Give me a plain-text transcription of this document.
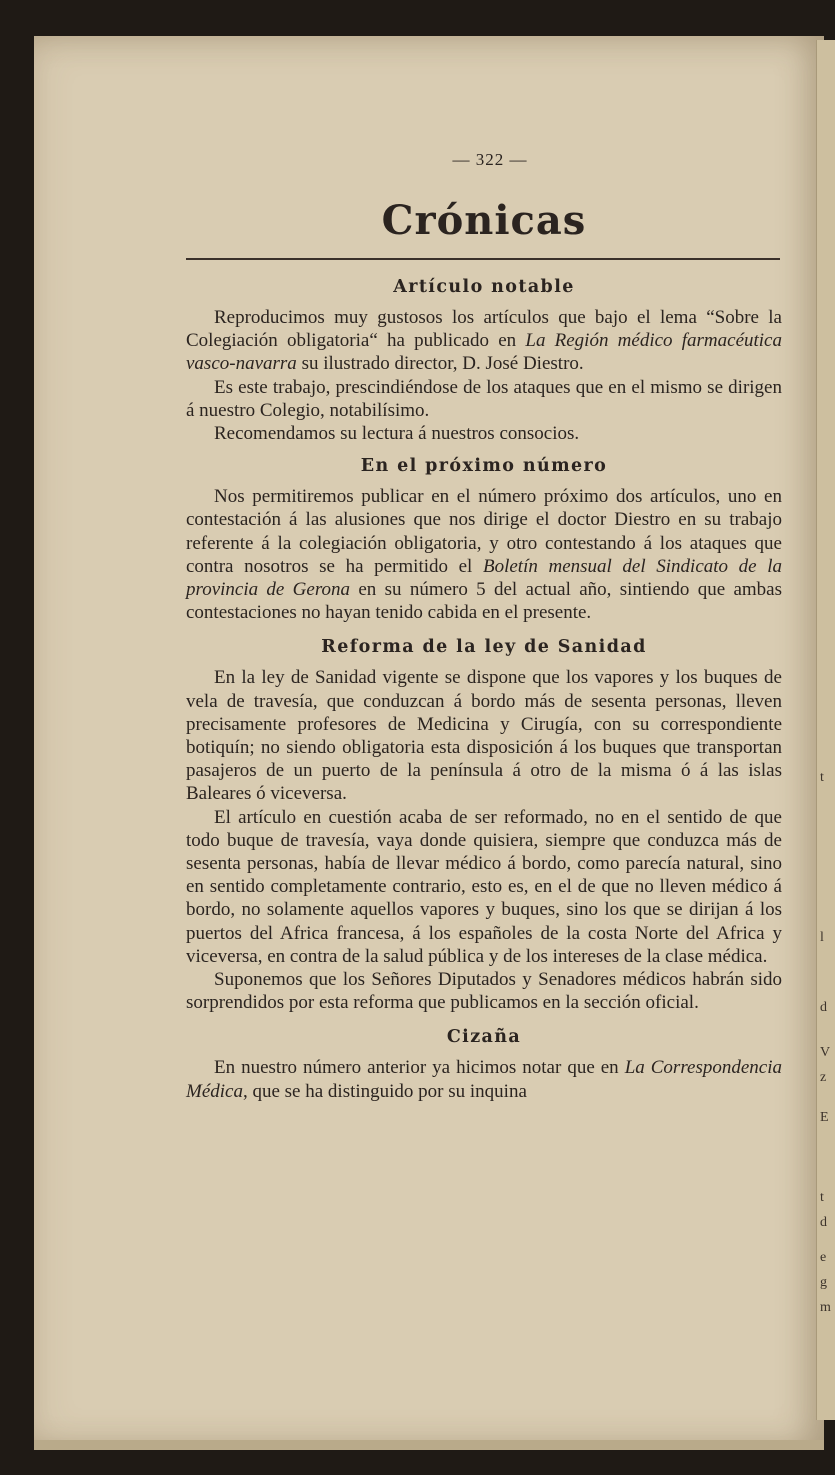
— 322 —
Crónicas
Artículo notable

Reproducimos muy gustosos los artículos que bajo el lema “Sobre la Colegiación obligatoria“ ha publicado en La Región médico farmacéutica vasco-navarra su ilustrado director, D. José Diestro.

Es este trabajo, prescindiéndose de los ataques que en el mismo se dirigen á nuestro Colegio, notabilísimo.

Recomendamos su lectura á nuestros consocios.

En el próximo número

Nos permitiremos publicar en el número próximo dos artículos, uno en contestación á las alusiones que nos dirige el doctor Diestro en su trabajo referente á la colegiación obligatoria, y otro contestando á los ataques que contra nosotros se ha permitido el Boletín mensual del Sindicato de la provincia de Gerona en su número 5 del actual año, sintiendo que ambas contestaciones no hayan tenido cabida en el presente.

Reforma de la ley de Sanidad

En la ley de Sanidad vigente se dispone que los vapores y los buques de vela de travesía, que conduzcan á bordo más de sesenta personas, lleven precisamente profesores de Medicina y Cirugía, con su correspondiente botiquín; no siendo obligatoria esta disposición á los buques que transportan pasajeros de un puerto de la península á otro de la misma ó á las islas Baleares ó viceversa.

El artículo en cuestión acaba de ser reformado, no en el sentido de que todo buque de travesía, vaya donde quisiera, siempre que conduzca más de sesenta personas, había de llevar médico á bordo, como parecía natural, sino en sentido completamente contrario, esto es, en el de que no lleven médico á bordo, no solamente aquellos vapores y buques, sino los que se dirijan á los puertos del Africa francesa, á los españoles de la costa Norte del Africa y viceversa, en contra de la salud pública y de los intereses de la clase médica.

Suponemos que los Señores Diputados y Senadores médicos habrán sido sorprendidos por esta reforma que publicamos en la sección oficial.

Cizaña

En nuestro número anterior ya hicimos notar que en La Correspondencia Médica, que se ha distinguido por su inquina

t
l
d
V
z
E
t
d
e
g
m
